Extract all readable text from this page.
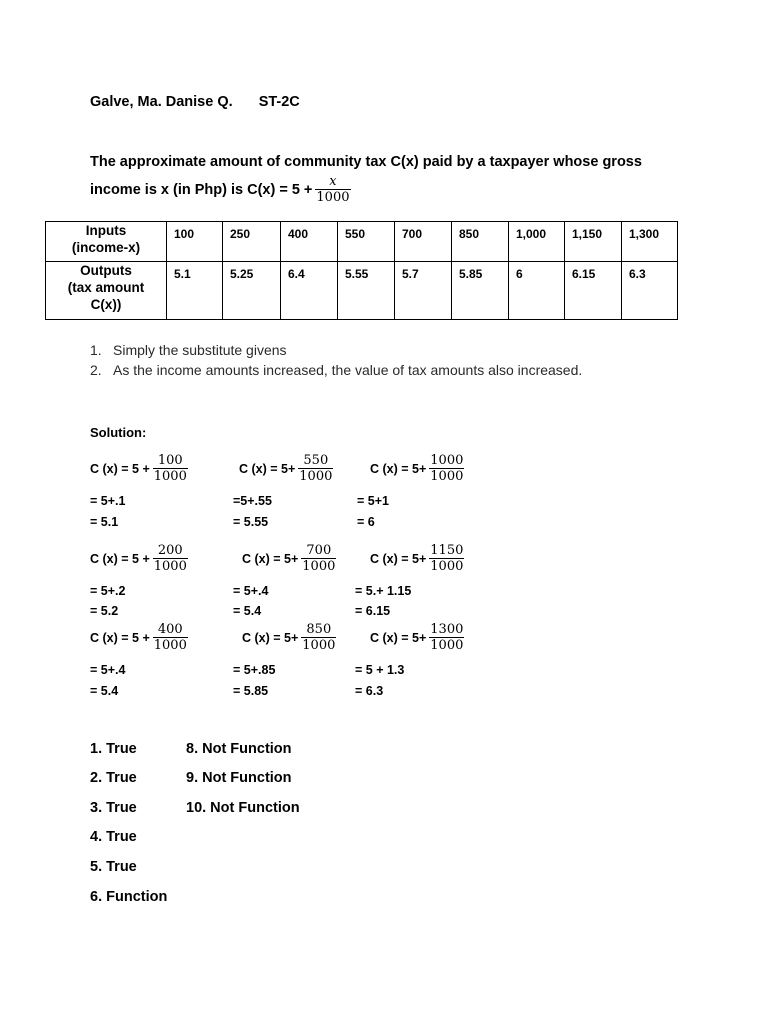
Galve, Ma. Danise Q. ST-2C
The approximate amount of community tax C(x) paid by a taxpayer whose gross
income is x (in Php) is $C(x) = 5 + \frac{x}{1000}$
Inputs
(income-x)	100	250	400	550	700	850	1,000	1,150	1,300

Outputs
(tax amount
C(x))	5.1	5.25	6.4	5.55	5.7	5.85	6	6.15	6.3
1. Simply the substitute givens
2. As the income amounts increased, the value of tax amounts also increased.
Solution:
C $(x) = 5 + \frac{100}{1000}$
= 5+.1
= 5.1
C $(x) = 5+ \frac{550}{1000}$
=5+.55
= 5.55
C $(x) = 5+ \frac{1000}{1000}$
= 5+1
= 6
C $(x) = 5 + \frac{200}{1000}$
= 5+.2
= 5.2
C $(x) = 5+ \frac{700}{1000}$
= 5+.4
= 5.4
C $(x) = 5+ \frac{1150}{1000}$
= 5.+ 1.15
= 6.15
C $(x) = 5 + \frac{400}{1000}$
= 5+.4
= 5.4
C $(x) = 5+ \frac{850}{1000}$
= 5+.85
= 5.85
C $(x) = 5+ \frac{1300}{1000}$
= 5 + 1.3
= 6.3
1. True
2. True
3. True
4. True
5. True
6. Function
8. Not Function
9. Not Function
10. Not Function
